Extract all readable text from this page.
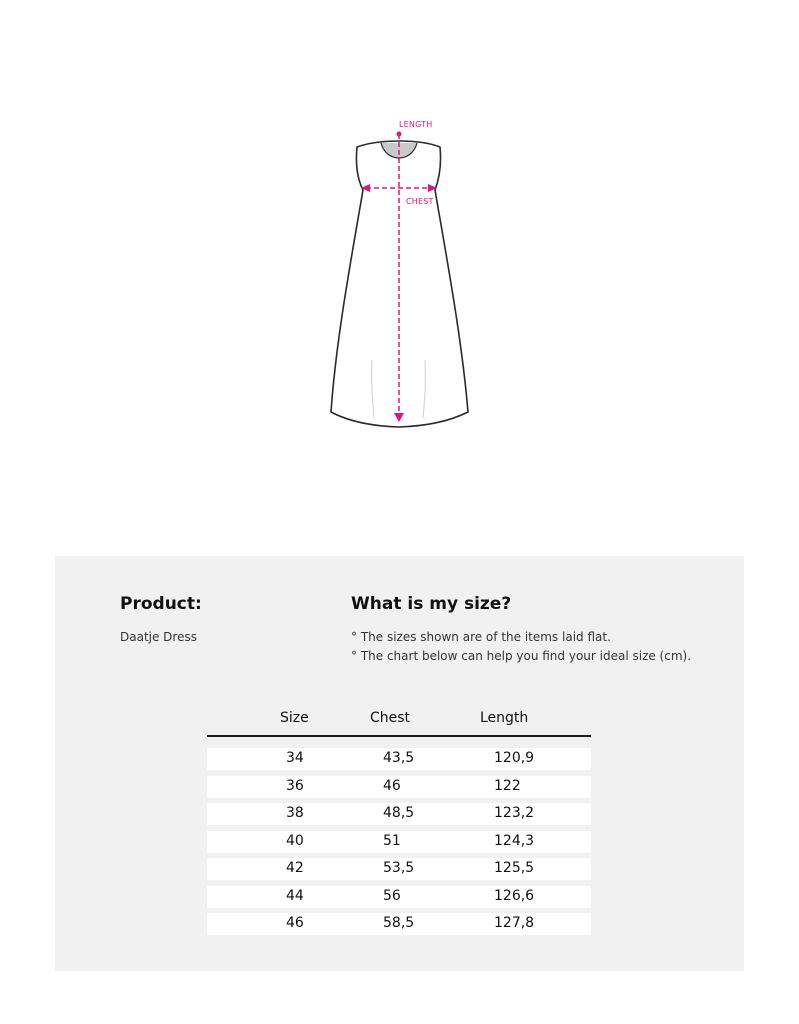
LENGTH
CHEST
Product:
Daatje Dress
What is my size?
° The sizes shown are of the items laid flat.
° The chart below can help you find your ideal size (cm).
Size	Chest	Length
34	43,5	120,9
36	46	122
38	48,5	123,2
40	51	124,3
42	53,5	125,5
44	56	126,6
46	58,5	127,8
